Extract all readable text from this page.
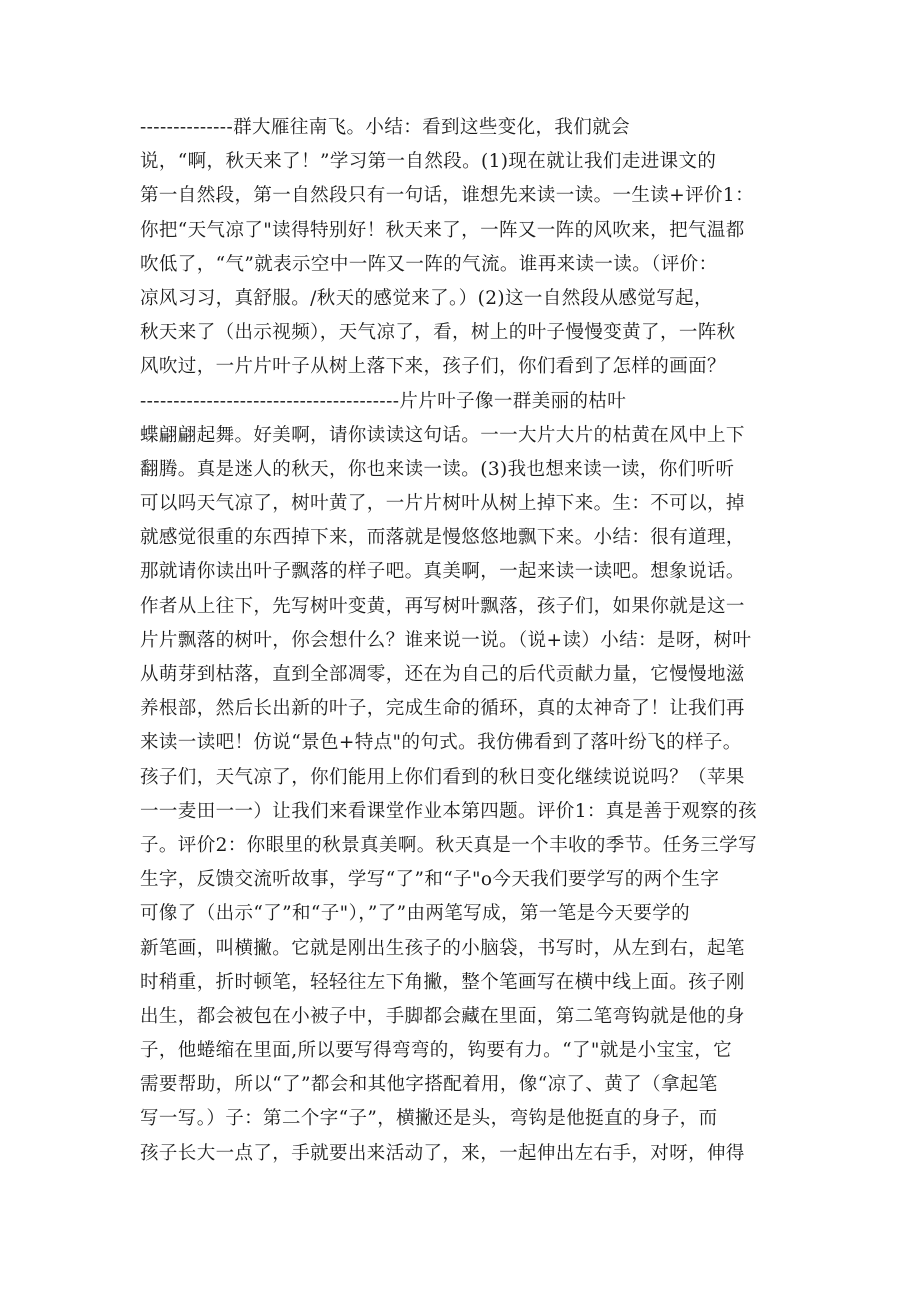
--------------群大雁往南飞。小结：看到这些变化，我们就会
说，“啊，秋天来了！”学习第一自然段。(1)现在就让我们走进课文的
第一自然段，第一自然段只有一句话，谁想先来读一读。一生读+评价1：
你把“天气凉了"读得特别好！秋天来了，一阵又一阵的风吹来，把气温都
吹低了，“气”就表示空中一阵又一阵的气流。谁再来读一读。（评价：
凉风习习，真舒服。/秋天的感觉来了。）(2)这一自然段从感觉写起，
秋天来了（出示视频），天气凉了，看，树上的叶子慢慢变黄了，一阵秋
风吹过，一片片叶子从树上落下来，孩子们，你们看到了怎样的画面？
---------------------------------------片片叶子像一群美丽的枯叶
蝶翩翩起舞。好美啊，请你读读这句话。一一大片大片的枯黄在风中上下
翻腾。真是迷人的秋天，你也来读一读。(3)我也想来读一读，你们听听
可以吗天气凉了，树叶黄了，一片片树叶从树上掉下来。生：不可以，掉
就感觉很重的东西掉下来，而落就是慢悠悠地飘下来。小结：很有道理，
那就请你读出叶子飘落的样子吧。真美啊，一起来读一读吧。想象说话。
作者从上往下，先写树叶变黄，再写树叶飘落，孩子们，如果你就是这一
片片飘落的树叶，你会想什么？谁来说一说。（说+读）小结：是呀，树叶
从萌芽到枯落，直到全部凋零，还在为自己的后代贡献力量，它慢慢地滋
养根部，然后长出新的叶子，完成生命的循环，真的太神奇了！让我们再
来读一读吧！仿说“景色+特点"的句式。我仿佛看到了落叶纷飞的样子。
孩子们，天气凉了，你们能用上你们看到的秋日变化继续说说吗？（苹果
一一麦田一一）让我们来看课堂作业本第四题。评价1：真是善于观察的孩
子。评价2：你眼里的秋景真美啊。秋天真是一个丰收的季节。任务三学写
生字，反馈交流听故事，学写“了”和“子"o今天我们要学写的两个生字
可像了（出示“了”和“子"），”了”由两笔写成，第一笔是今天要学的
新笔画，叫横撇。它就是刚出生孩子的小脑袋，书写时，从左到右，起笔
时稍重，折时顿笔，轻轻往左下角撇，整个笔画写在横中线上面。孩子刚
出生，都会被包在小被子中，手脚都会藏在里面，第二笔弯钩就是他的身
子，他蜷缩在里面,所以要写得弯弯的，钩要有力。“了"就是小宝宝，它
需要帮助，所以“了”都会和其他字搭配着用，像“凉了、黄了（拿起笔
写一写。）子：第二个字“子”，横撇还是头，弯钩是他挺直的身子，而
孩子长大一点了，手就要出来活动了，来，一起伸出左右手，对呀，伸得
